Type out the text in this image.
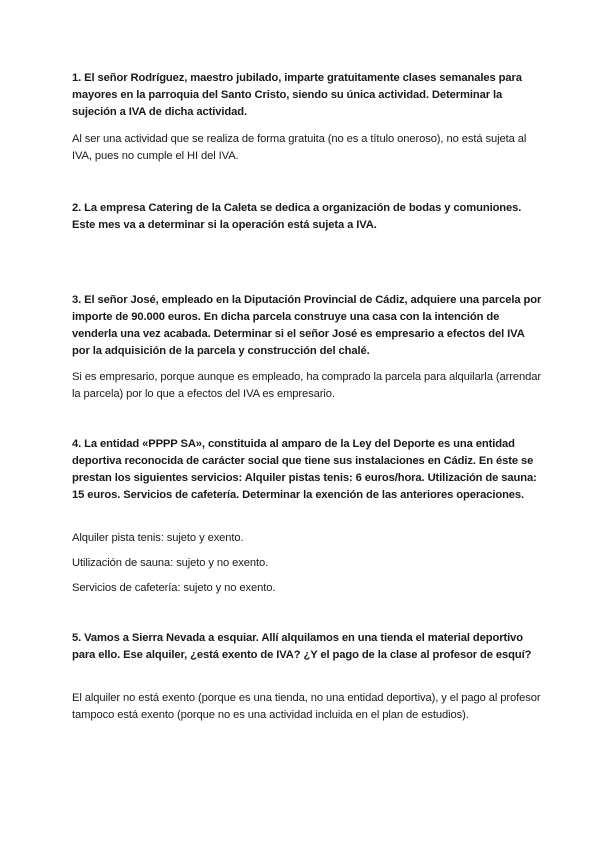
1. El señor Rodríguez, maestro jubilado, imparte gratuitamente clases semanales para mayores en la parroquia del Santo Cristo, siendo su única actividad. Determinar la sujeción a IVA de dicha actividad.

Al ser una actividad que se realiza de forma gratuita (no es a título oneroso), no está sujeta al IVA, pues no cumple el HI del IVA.

2. La empresa Catering de la Caleta se dedica a organización de bodas y comuniones. Este mes va a determinar si la operación está sujeta a IVA.

3. El señor José, empleado en la Diputación Provincial de Cádiz, adquiere una parcela por importe de 90.000 euros. En dicha parcela construye una casa con la intención de venderla una vez acabada. Determinar si el señor José es empresario a efectos del IVA por la adquisición de la parcela y construcción del chalé.

Si es empresario, porque aunque es empleado, ha comprado la parcela para alquilarla (arrendar la parcela) por lo que a efectos del IVA es empresario.

4. La entidad «PPPP SA», constituida al amparo de la Ley del Deporte es una entidad deportiva reconocida de carácter social que tiene sus instalaciones en Cádiz. En éste se prestan los siguientes servicios: Alquiler pistas tenis: 6 euros/hora. Utilización de sauna: 15 euros. Servicios de cafetería. Determinar la exención de las anteriores operaciones.

Alquiler pista tenis: sujeto y exento.

Utilización de sauna: sujeto y no exento.

Servicios de cafetería: sujeto y no exento.

5. Vamos a Sierra Nevada a esquiar. Allí alquilamos en una tienda el material deportivo para ello. Ese alquiler, ¿está exento de IVA? ¿Y el pago de la clase al profesor de esquí?

El alquiler no está exento (porque es una tienda, no una entidad deportiva), y el pago al profesor tampoco está exento (porque no es una actividad incluida en el plan de estudios).
